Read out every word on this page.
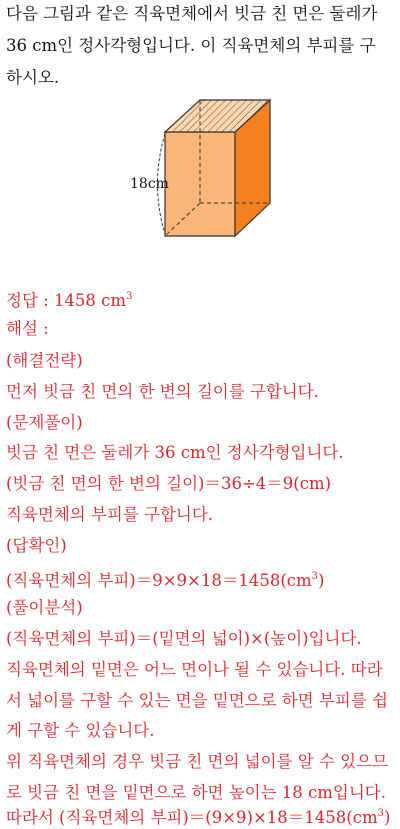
다음 그림과 같은 직육면체에서 빗금 친 면은 둘레가
36 cm인 정사각형입니다. 이 직육면체의 부피를 구
하시오.
18cm
정답 : 1458 $cm^3$
해설 :
(해결전략)
먼저 빗금 친 면의 한 변의 길이를 구합니다.
(문제풀이)
빗금 친 면은 둘레가 36 cm인 정사각형입니다.
(빗금 친 면의 한 변의 길이)＝36÷4＝9(cm)
직육면체의 부피를 구합니다.
(답확인)
(직육면체의 부피)$=9\times 9\times 18=1458(cm^3)$
(풀이분석)
(직육면체의 부피)＝(밑면의 넓이)×(높이)입니다.
직육면체의 밑면은 어느 면이나 될 수 있습니다. 따라
서 넓이를 구할 수 있는 면을 밑면으로 하면 부피를 쉽
게 구할 수 있습니다.
위 직육면체의 경우 빗금 친 면의 넓이를 알 수 있으므
로 빗금 친 면을 밑면으로 하면 높이는 18 cm입니다.
따라서 (직육면체의 부피)$=(9\times 9)\times 18=1458(cm^3)$
